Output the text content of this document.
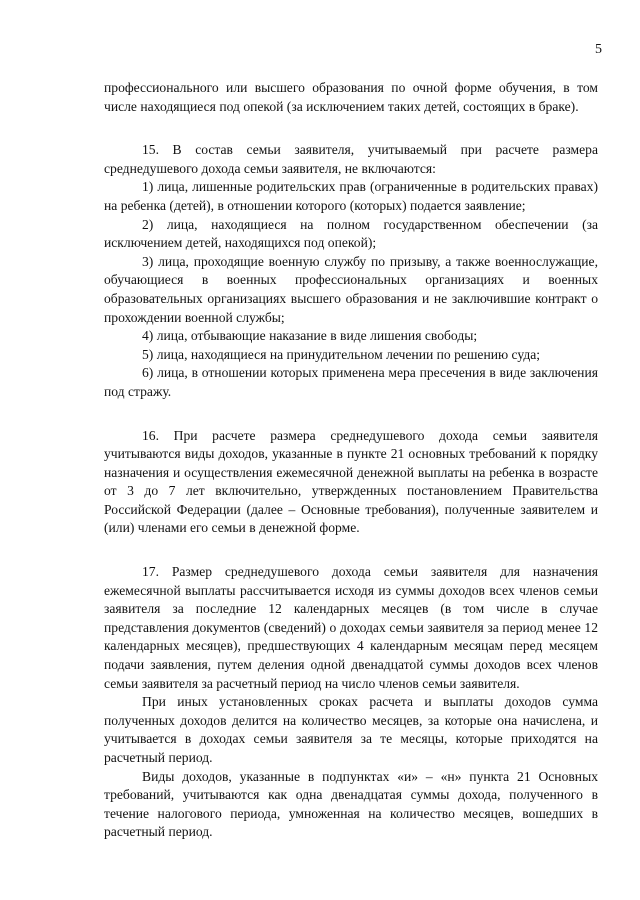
5

профессионального или высшего образования по очной форме обучения, в том числе находящиеся под опекой (за исключением таких детей, состоящих в браке).

15. В состав семьи заявителя, учитываемый при расчете размера среднедушевого дохода семьи заявителя, не включаются:

1) лица, лишенные родительских прав (ограниченные в родительских правах) на ребенка (детей), в отношении которого (которых) подается заявление;

2) лица, находящиеся на полном государственном обеспечении (за исключением детей, находящихся под опекой);

3) лица, проходящие военную службу по призыву, а также военнослужащие, обучающиеся в военных профессиональных организациях и военных образовательных организациях высшего образования и не заключившие контракт о прохождении военной службы;

4) лица, отбывающие наказание в виде лишения свободы;

5) лица, находящиеся на принудительном лечении по решению суда;

6) лица, в отношении которых применена мера пресечения в виде заключения под стражу.

16. При расчете размера среднедушевого дохода семьи заявителя учитываются виды доходов, указанные в пункте 21 основных требований к порядку назначения и осуществления ежемесячной денежной выплаты на ребенка в возрасте от 3 до 7 лет включительно, утвержденных постановлением Правительства Российской Федерации (далее – Основные требования), полученные заявителем и (или) членами его семьи в денежной форме.

17. Размер среднедушевого дохода семьи заявителя для назначения ежемесячной выплаты рассчитывается исходя из суммы доходов всех членов семьи заявителя за последние 12 календарных месяцев (в том числе в случае представления документов (сведений) о доходах семьи заявителя за период менее 12 календарных месяцев), предшествующих 4 календарным месяцам перед месяцем подачи заявления, путем деления одной двенадцатой суммы доходов всех членов семьи заявителя за расчетный период на число членов семьи заявителя.

При иных установленных сроках расчета и выплаты доходов сумма полученных доходов делится на количество месяцев, за которые она начислена, и учитывается в доходах семьи заявителя за те месяцы, которые приходятся на расчетный период.

Виды доходов, указанные в подпунктах «и» – «н» пункта 21 Основных требований, учитываются как одна двенадцатая суммы дохода, полученного в течение налогового периода, умноженная на количество месяцев, вошедших в расчетный период.
